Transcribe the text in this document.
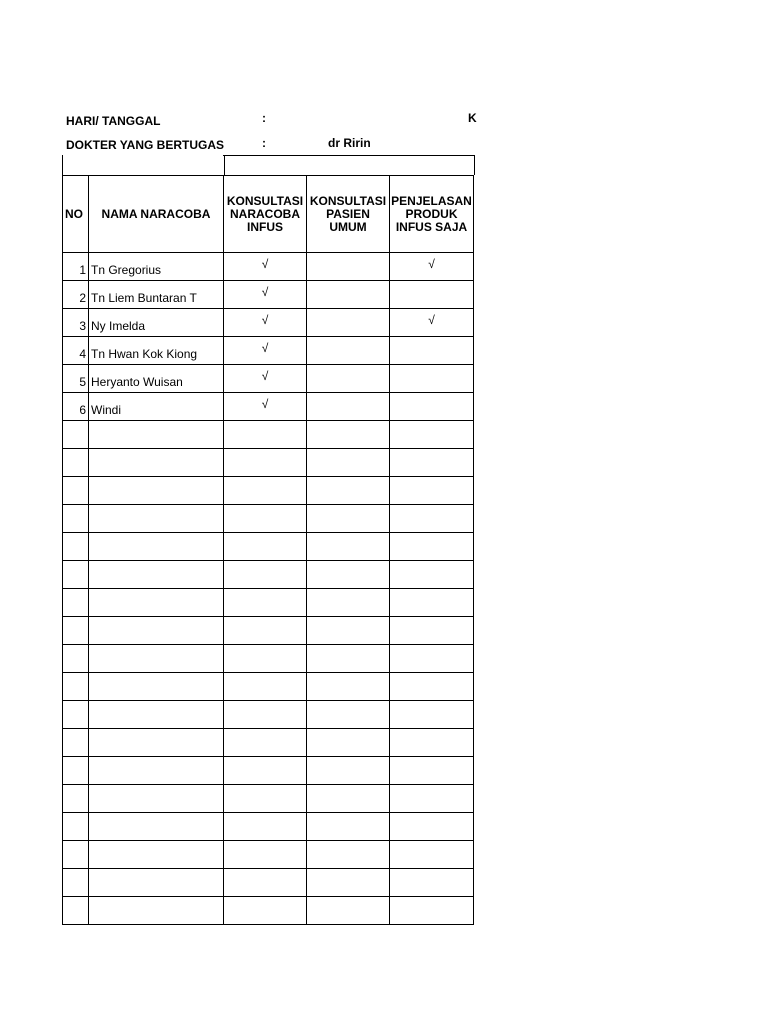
HARI/ TANGGAL	:	K
DOKTER YANG BERTUGAS	:	dr Ririn
NO	NAMA NARACOBA	KONSULTASI NARACOBA INFUS	KONSULTASI PASIEN UMUM	PENJELASAN PRODUK INFUS SAJA
1	Tn Gregorius	√		√
2	Tn Liem Buntaran T	√		
3	Ny Imelda	√		√
4	Tn Hwan Kok Kiong	√		
5	Heryanto Wuisan	√		
6	Windi	√		
